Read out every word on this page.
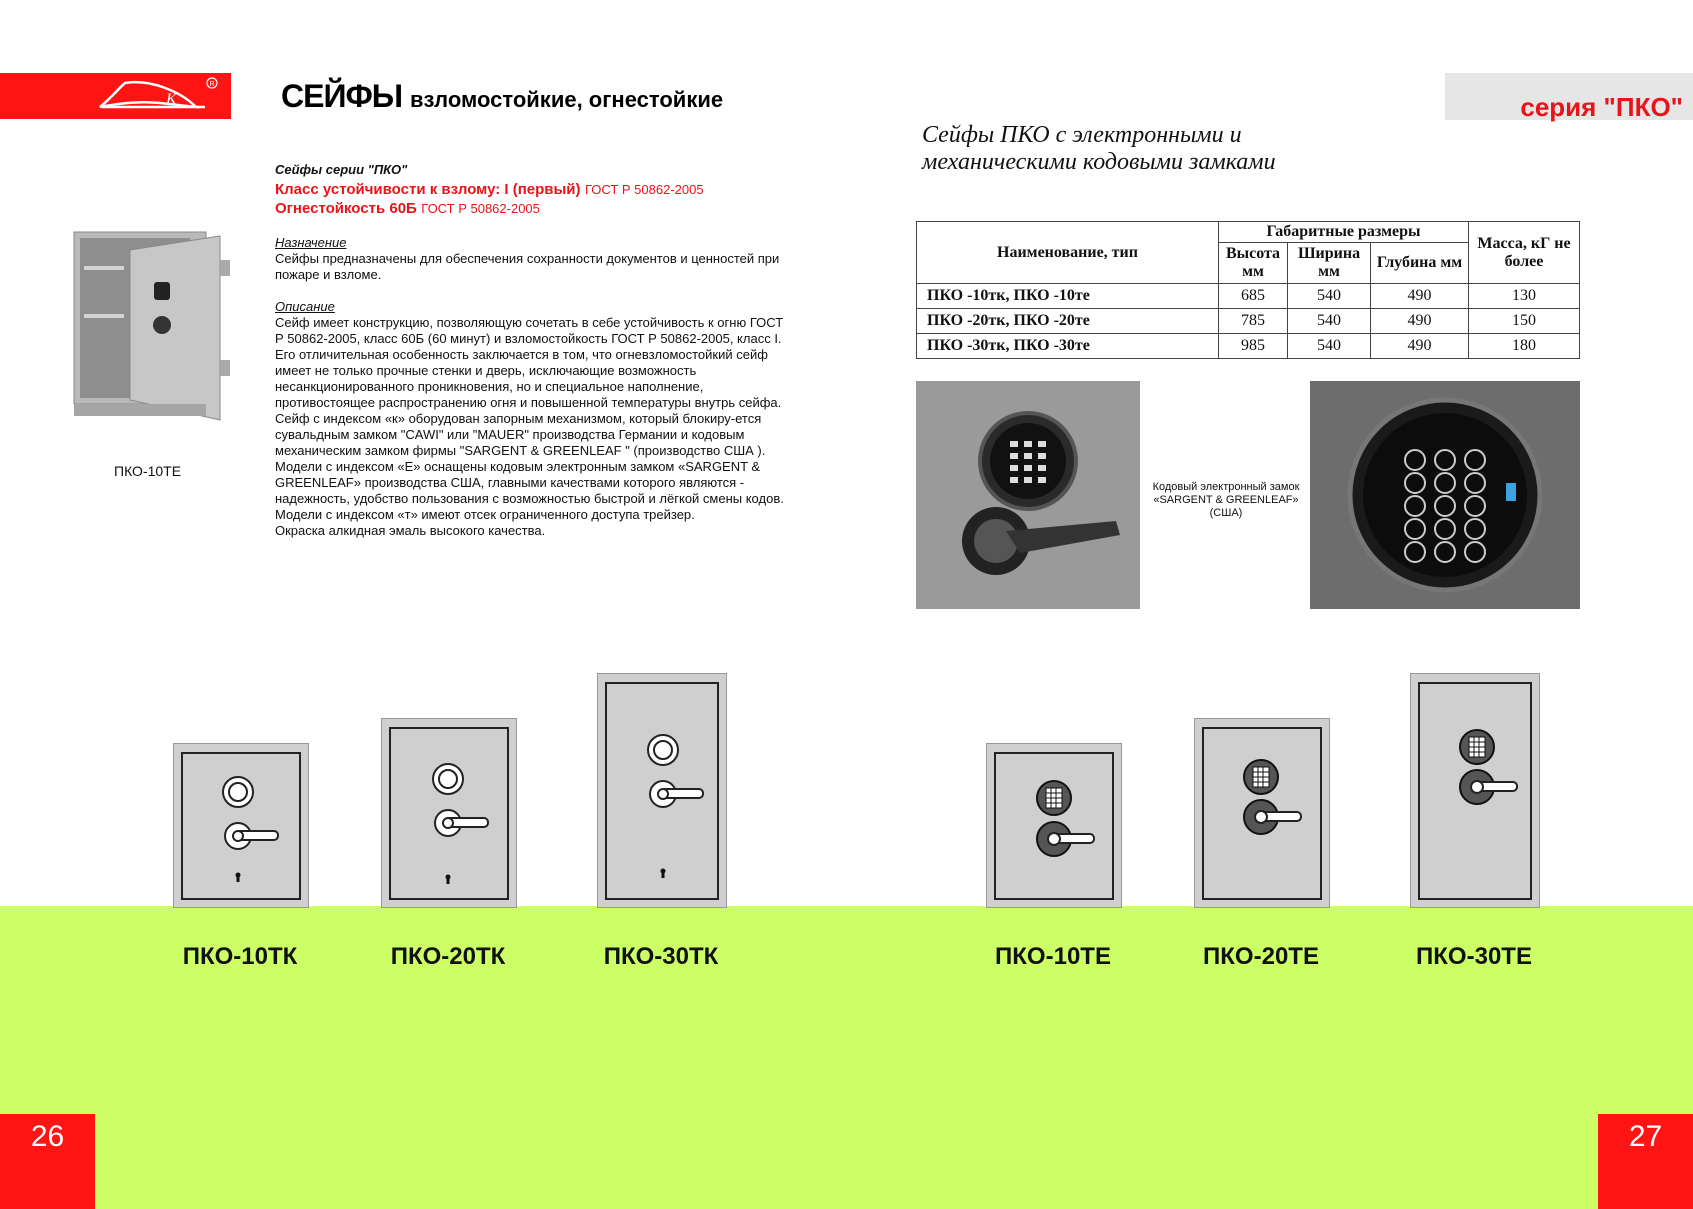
К
R СЕЙФЫ взломостойкие, огнестойкие	серия "ПКО"
Сейфы серии "ПКО"
Класс устойчивости к взлому: I (первый) ГОСТ Р 50862-2005
Огнестойкость 60Б ГОСТ Р 50862-2005
Назначение
Сейфы предназначены для обеспечения сохранности документов и ценностей при пожаре и взломе.
Описание
Сейф имеет конструкцию, позволяющую сочетать в себе устойчивость к огню ГОСТ Р 50862-2005, класс 60Б (60 минут) и взломостойкость ГОСТ Р 50862-2005, класс I.
Его отличительная особенность заключается в том, что огневзломостойкий сейф имеет не только прочные стенки и дверь, исключающие возможность несанкционированного проникновения, но и специальное наполнение, противостоящее распространению огня и повышенной температуры внутрь сейфа.
Сейф с индексом «к» оборудован запорным механизмом, который блокиру-ется сувальдным замком "CAWI" или "MAUER" производства Германии и кодовым механическим замком фирмы "SARGENT & GREENLEAF " (производство США ).
Модели с индексом «Е» оснащены кодовым электронным замком «SARGENT & GREENLEAF» производства США, главными качествами которого являются - надежность, удобство пользования с возможностью быстрой и лёгкой смены кодов.
Модели с индексом «т» имеют отсек ограниченного доступа трейзер.
Окраска алкидная эмаль высокого качества.
ПКО-10ТЕ
Сейфы ПКО с электронными и
механическими кодовыми замками
Наименование, тип	Габаритные размеры			Масса, кГ не более
	Высота мм	Ширина мм	Глубина мм	
ПКО -10тк, ПКО -10те	685	540	490	130
ПКО -20тк, ПКО -20те	785	540	490	150
ПКО -30тк, ПКО -30те	985	540	490	180
Кодовый электронный замок «SARGENT & GREENLEAF» (США)
ПКО-10ТК	ПКО-20ТК	ПКО-30ТК	ПКО-10ТЕ	ПКО-20ТЕ	ПКО-30ТЕ
26	27
